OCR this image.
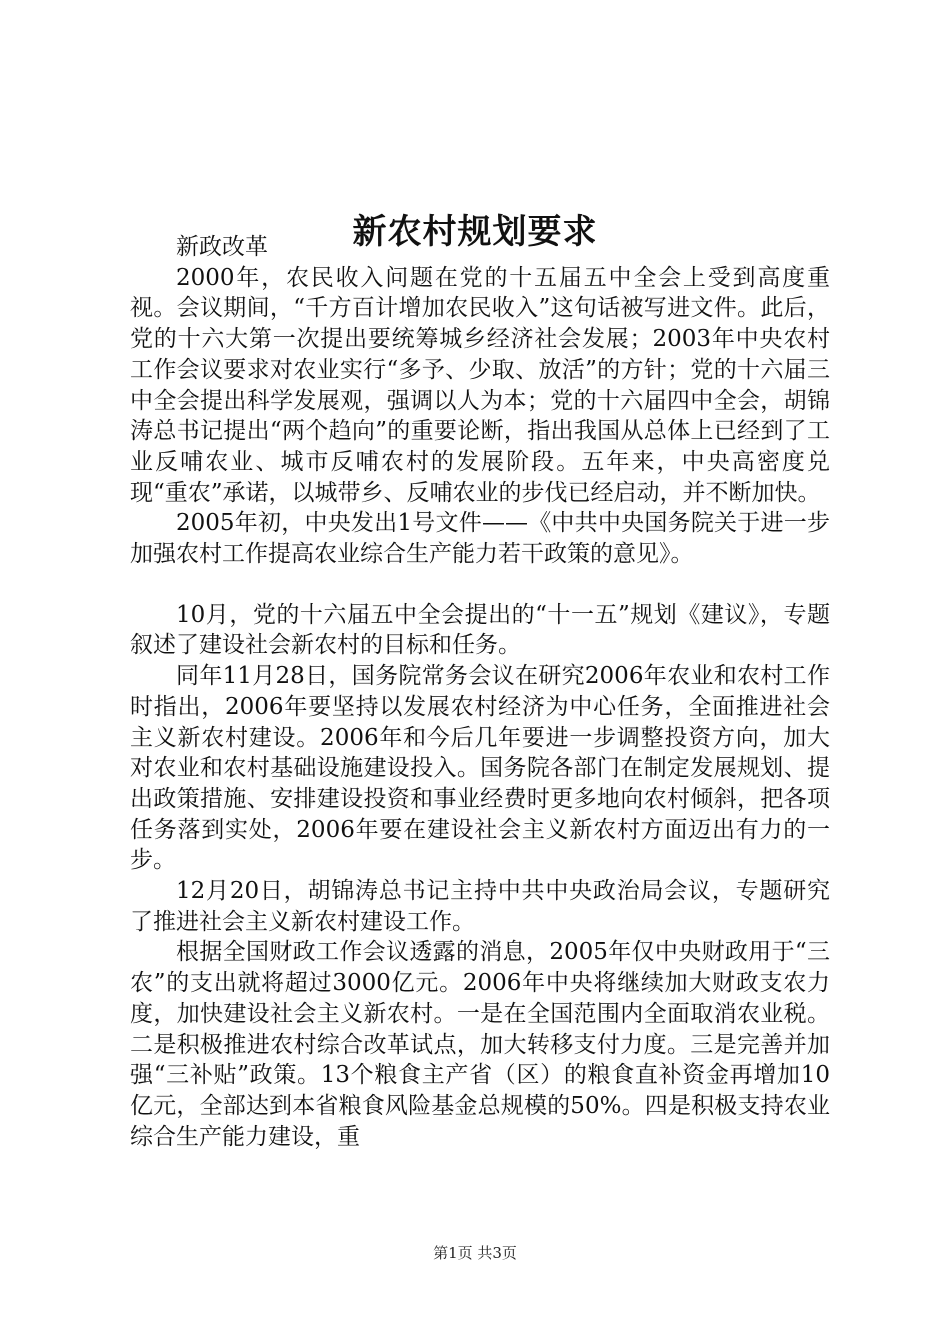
新农村规划要求

新政改革

2000年，农民收入问题在党的十五届五中全会上受到高度重视。会议期间，“千方百计增加农民收入”这句话被写进文件。此后，党的十六大第一次提出要统筹城乡经济社会发展；2003年中央农村工作会议要求对农业实行“多予、少取、放活”的方针；党的十六届三中全会提出科学发展观，强调以人为本；党的十六届四中全会，胡锦涛总书记提出“两个趋向”的重要论断，指出我国从总体上已经到了工业反哺农业、城市反哺农村的发展阶段。五年来，中央高密度兑现“重农”承诺，以城带乡、反哺农业的步伐已经启动，并不断加快。

2005年初，中央发出1号文件——《中共中央国务院关于进一步加强农村工作提高农业综合生产能力若干政策的意见》。

10月，党的十六届五中全会提出的“十一五”规划《建议》，专题叙述了建设社会新农村的目标和任务。

同年11月28日，国务院常务会议在研究2006年农业和农村工作时指出，2006年要坚持以发展农村经济为中心任务，全面推进社会主义新农村建设。2006年和今后几年要进一步调整投资方向，加大对农业和农村基础设施建设投入。国务院各部门在制定发展规划、提出政策措施、安排建设投资和事业经费时更多地向农村倾斜，把各项任务落到实处，2006年要在建设社会主义新农村方面迈出有力的一步。

12月20日，胡锦涛总书记主持中共中央政治局会议，专题研究了推进社会主义新农村建设工作。

根据全国财政工作会议透露的消息，2005年仅中央财政用于“三农”的支出就将超过3000亿元。2006年中央将继续加大财政支农力度，加快建设社会主义新农村。一是在全国范围内全面取消农业税。二是积极推进农村综合改革试点，加大转移支付力度。三是完善并加强“三补贴”政策。13个粮食主产省（区）的粮食直补资金再增加10亿元，全部达到本省粮食风险基金总规模的50%。四是积极支持农业综合生产能力建设，重

第1页 共3页
